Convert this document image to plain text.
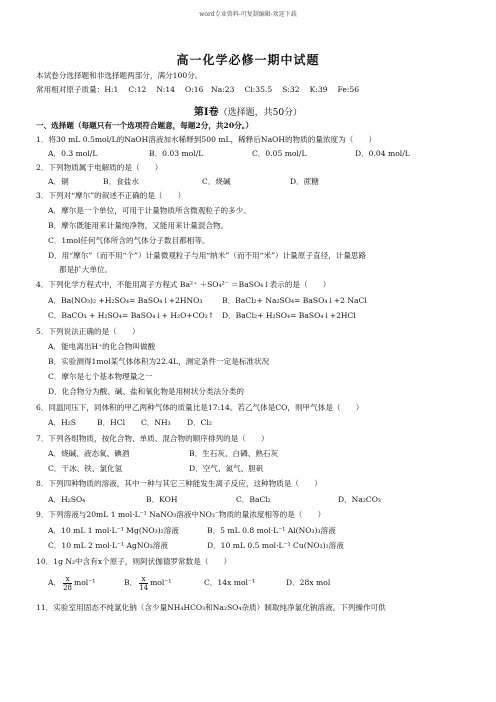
word专业资料-可复制编辑-欢迎下载
高一化学必修一期中试题
本试卷分选择题和非选择题两部分，满分100分。
常用相对原子质量：H:1　 C:12　 N:14　 O:16　Na:23　 Cl:35.5　 S:32　 K:39　 Fe:56
第Ⅰ卷（选择题，共50分）
一、选择题（每题只有一个选项符合题意，每题2分，共20分。）
1．将30 mL 0.5mol/L的NaOH溶液加水稀释到500 mL，稀释后NaOH的物质的量浓度为（　　）
A．0.3 mol/L	B．0.03 mol/L	C．0.05 mol/L	D．0.04 mol/L
2．下列物质属于电解质的是（　　）
A．铜	B．食盐水	C．烧碱	D．蔗糖
3．下列对“摩尔”的叙述不正确的是（　　）
A．摩尔是一个单位，可用于计量物质所含微观粒子的多少。
B．摩尔既能用来计量纯净物，又能用来计量混合物。
C．1mol任何气体所含的气体分子数目都相等。
D．用“摩尔”（而不用“个”）计量微观粒子与用“纳米”（而不用“米”）计量原子直径，计量思路
都是扩大单位。
4．下列化学方程式中，不能用离子方程式 Ba²⁺ ＋SO₄²⁻ ＝BaSO₄↓表示的是（　　）
A．Ba(NO₃)₂ +H₂SO₄= BaSO₄↓+2HNO₃	B．BaCl₂+ Na₂SO₄= BaSO₄↓+2 NaCl
C．BaCO₃ + H₂SO₄= BaSO₄↓+ H₂O+CO₂↑ D．BaCl₂+ H₂SO₄= BaSO₄↓+2HCl
5．下列说法正确的是（　　）
A．能电离出H⁺的化合物叫做酸
B．实验测得1mol某气体体积为22.4L，测定条件一定是标准状况
C．摩尔是七个基本物理量之一
D．化合物分为酸、碱、盐和氧化物是用树状分类法分类的
6．同温同压下，同体积的甲乙两种气体的质量比是17:14。若乙气体是CO，则甲气体是（　　）
A．H₂S	B．HCl C．NH₃ D．Cl₂
7．下列各组物质，按化合物、单质、混合物的顺序排列的是（　　）
A．烧碱、液态氧、碘酒	B．生石灰、白磷、熟石灰
C．干冰、铁、氯化氢	D．空气、氮气、胆矾
8．下列四种物质的溶液，其中一种与其它三种能发生离子反应，这种物质是（　　）
A．H₂SO₄	B．KOH	C．BaCl₂	D．Na₂CO₃
9．下列溶液与20mL 1 mol·L⁻¹ NaNO₃溶液中NO₃⁻物质的量浓度相等的是（　　）
A．10 mL 1 mol·L⁻¹ Mg(NO₃)₂溶液	B．5 mL 0.8 mol·L⁻¹ Al(NO₃)₃溶液
C．10 mL 2 mol·L⁻¹ AgNO₃溶液	D．10 mL 0.5 mol·L⁻¹ Cu(NO₃)₂溶液
10．1g N₂中含有x个原子，则阿伏伽德罗常数是（　　）
A． $\frac{x}{28} mol^{-1}$	B． $\frac{x}{14} mol^{-1}$	C．14x mol⁻¹	D．28x mol
11．实验室用固态不纯氯化钠（含少量NH₄HCO₃和Na₂SO₄杂质）制取纯净氯化钠溶液。下列操作可供
